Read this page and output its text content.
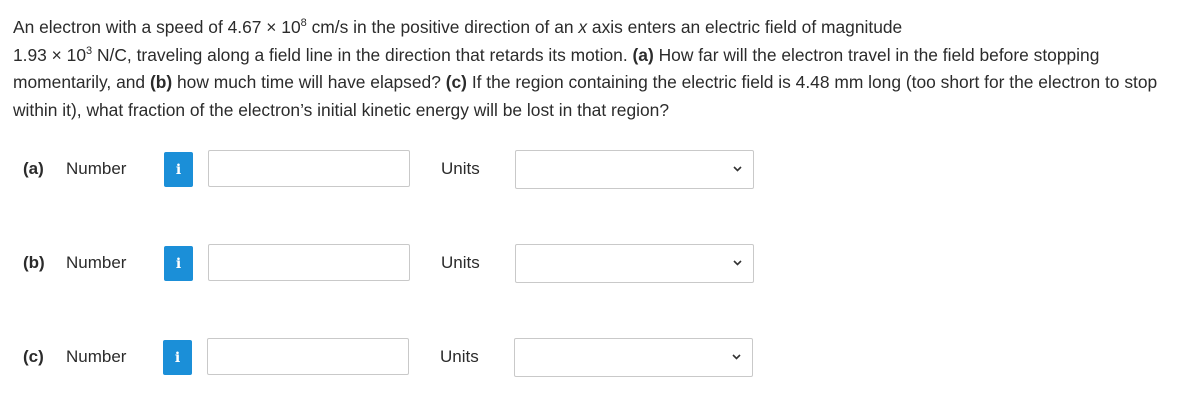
An electron with a speed of $4.67 \times 10^8$ cm/s in the positive direction of an x axis enters an electric field of magnitude
$1.93 \times 10^3$ N/C, traveling along a field line in the direction that retards its motion. (a) How far will the electron travel in the field before stopping momentarily, and (b) how much time will have elapsed? (c) If the region containing the electric field is 4.48 mm long (too short for the electron to stop within it), what fraction of the electron’s initial kinetic energy will be lost in that region?
(a) Number	i	Units
(b) Number	i	Units
(c) Number	i	Units
